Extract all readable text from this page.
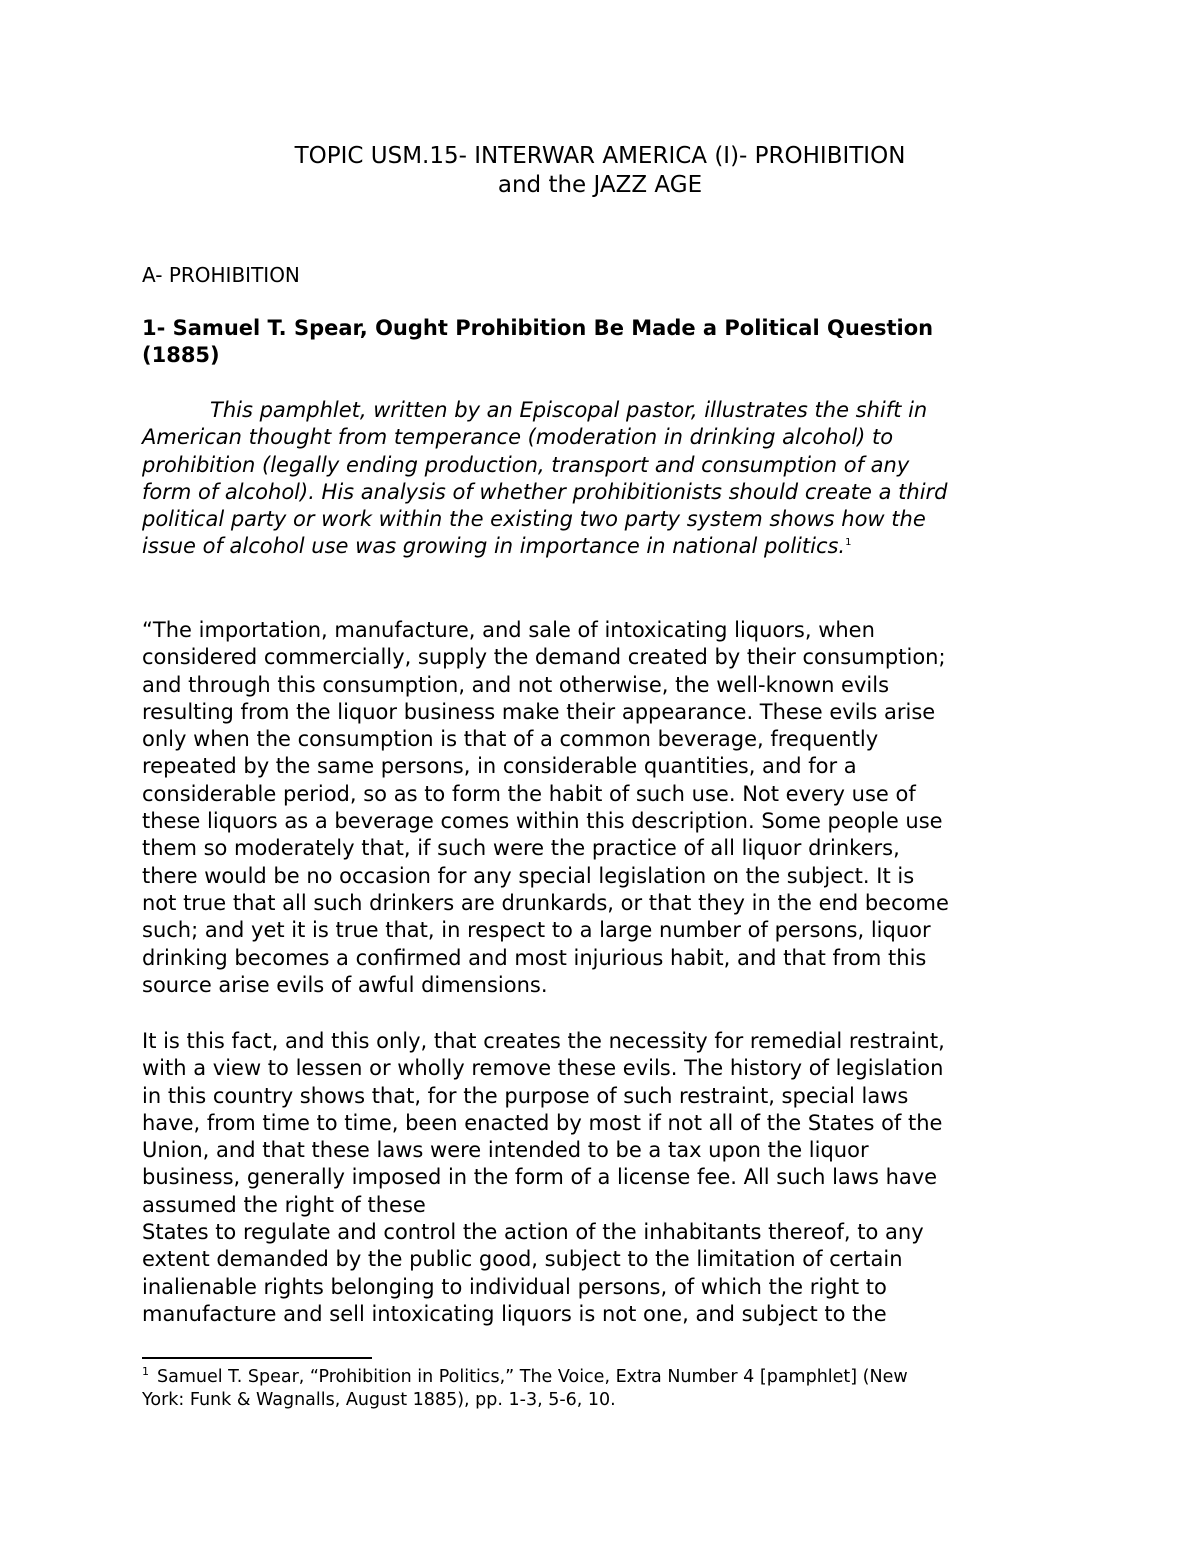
TOPIC USM.15- INTERWAR AMERICA (I)- PROHIBITION
and the JAZZ AGE

A- PROHIBITION

1- Samuel T. Spear, Ought Prohibition Be Made a Political Question
(1885)

This pamphlet, written by an Episcopal pastor, illustrates the shift in
American thought from temperance (moderation in drinking alcohol) to
prohibition (legally ending production, transport and consumption of any
form of alcohol). His analysis of whether prohibitionists should create a third
political party or work within the existing two party system shows how the
issue of alcohol use was growing in importance in national politics.$^1$

“The importation, manufacture, and sale of intoxicating liquors, when
considered commercially, supply the demand created by their consumption;
and through this consumption, and not otherwise, the well-known evils
resulting from the liquor business make their appearance. These evils arise
only when the consumption is that of a common beverage, frequently
repeated by the same persons, in considerable quantities, and for a
considerable period, so as to form the habit of such use. Not every use of
these liquors as a beverage comes within this description. Some people use
them so moderately that, if such were the practice of all liquor drinkers,
there would be no occasion for any special legislation on the subject. It is
not true that all such drinkers are drunkards, or that they in the end become
such; and yet it is true that, in respect to a large number of persons, liquor
drinking becomes a confirmed and most injurious habit, and that from this
source arise evils of awful dimensions.

It is this fact, and this only, that creates the necessity for remedial restraint,
with a view to lessen or wholly remove these evils. The history of legislation
in this country shows that, for the purpose of such restraint, special laws
have, from time to time, been enacted by most if not all of the States of the
Union, and that these laws were intended to be a tax upon the liquor
business, generally imposed in the form of a license fee. All such laws have
assumed the right of these
States to regulate and control the action of the inhabitants thereof, to any
extent demanded by the public good, subject to the limitation of certain
inalienable rights belonging to individual persons, of which the right to
manufacture and sell intoxicating liquors is not one, and subject to the

$^1$ Samuel T. Spear, “Prohibition in Politics,” The Voice, Extra Number 4 [pamphlet] (New
York: Funk & Wagnalls, August 1885), pp. 1-3, 5-6, 10.
